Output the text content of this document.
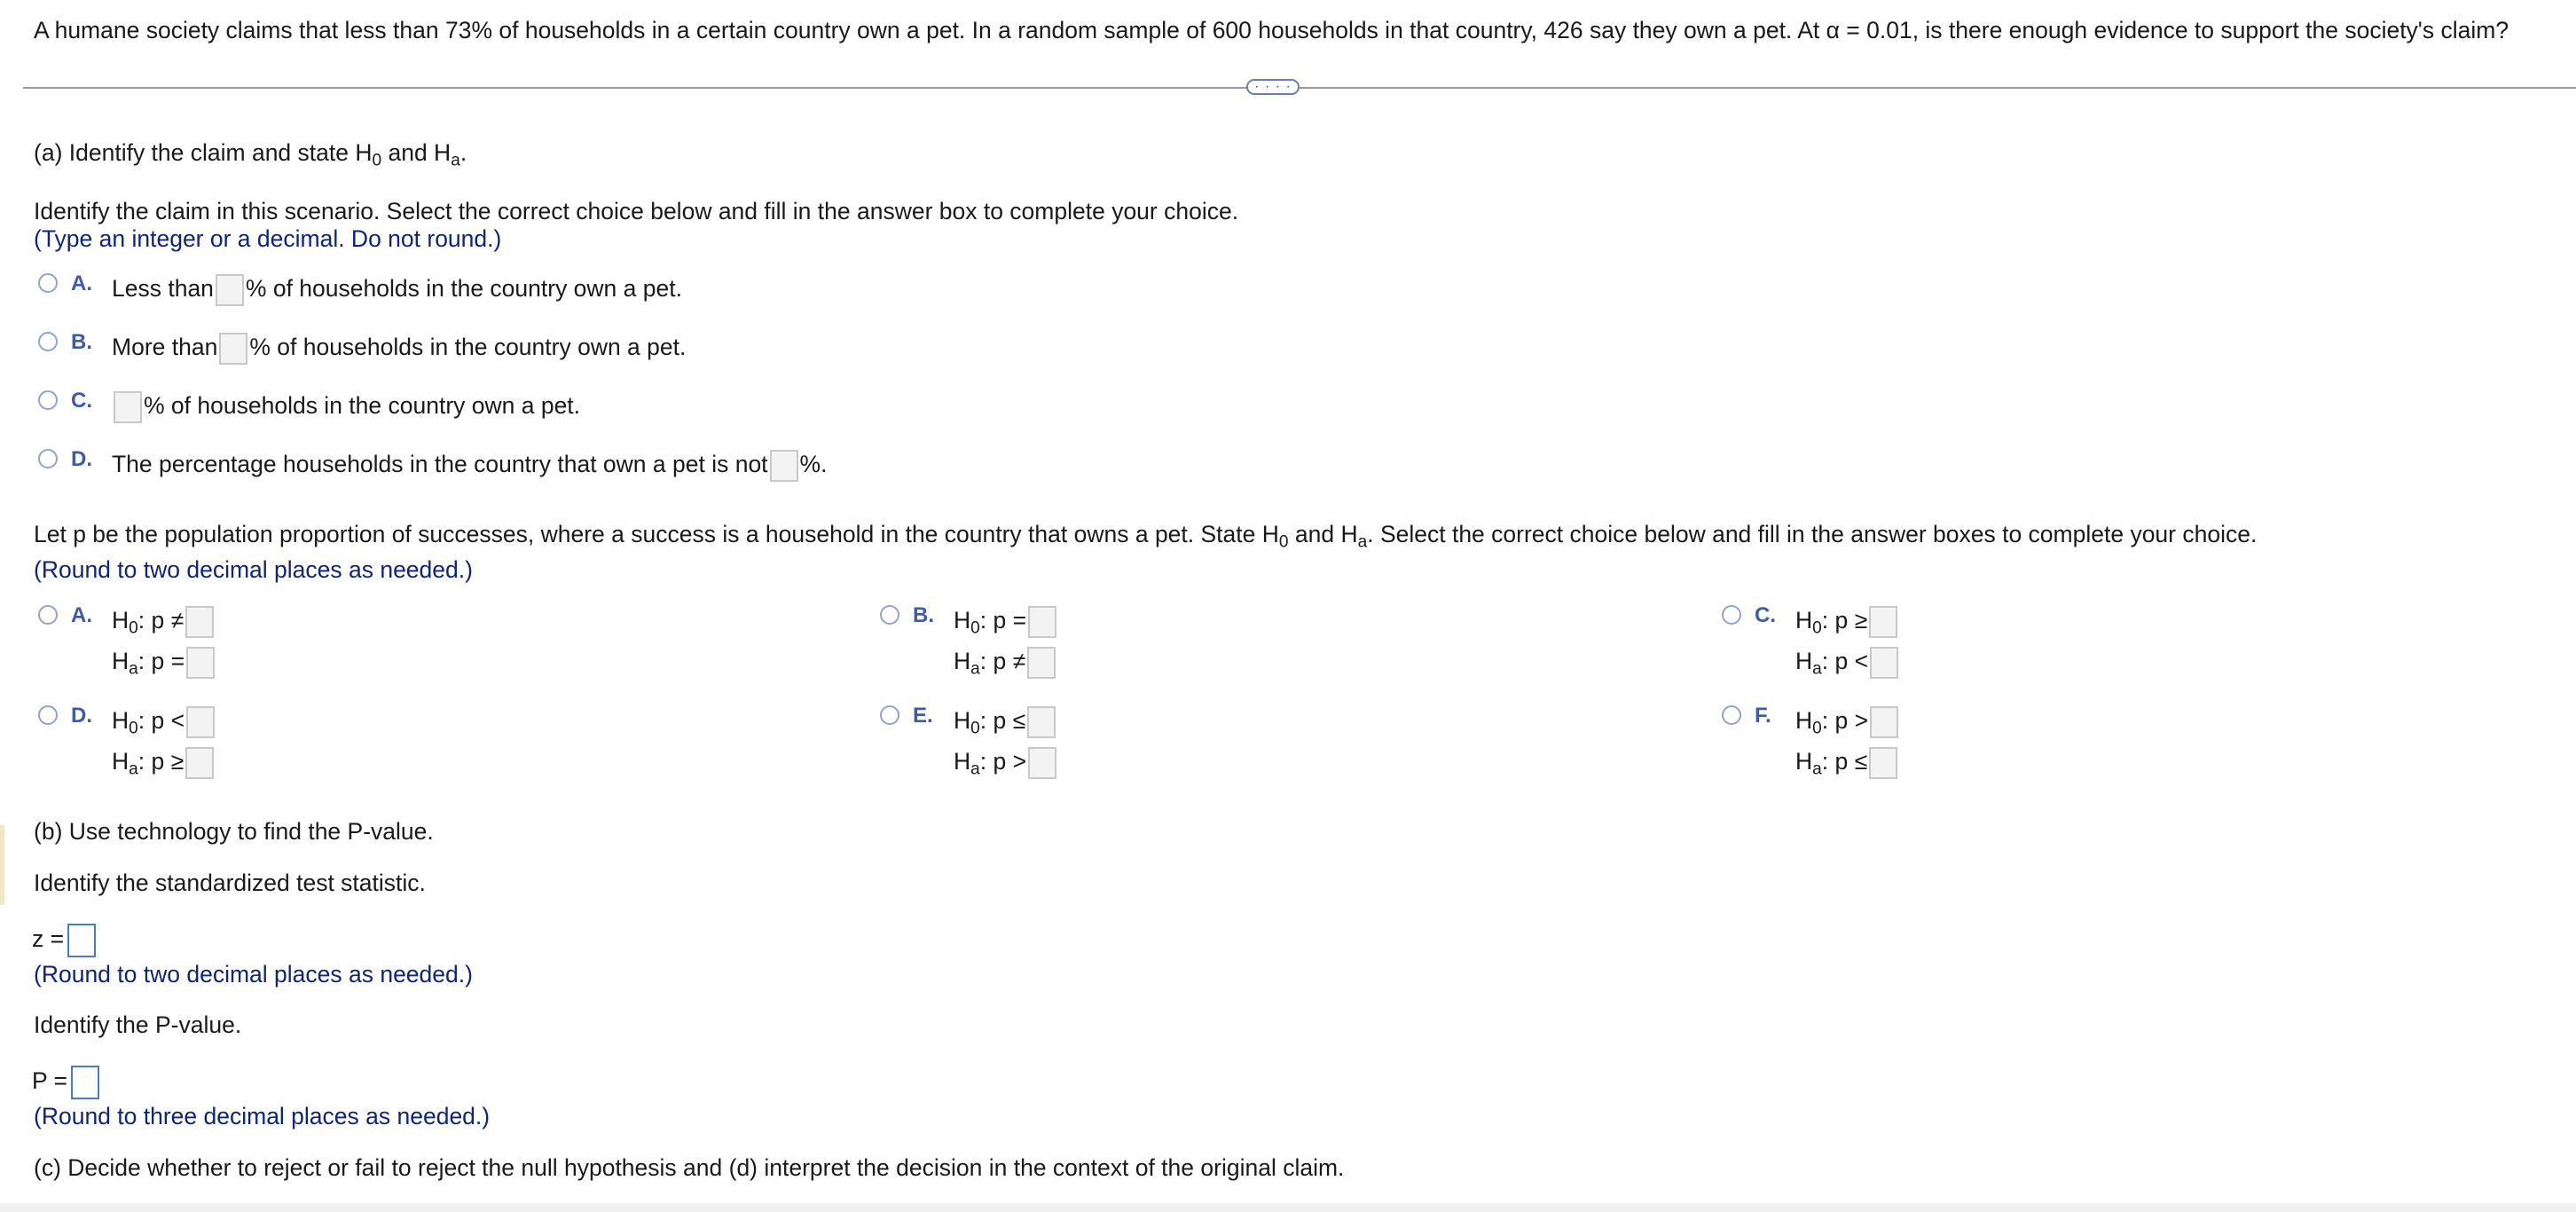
A humane society claims that less than 73% of households in a certain country own a pet. In a random sample of 600 households in that country, 426 say they own a pet. At α = 0.01, is there enough evidence to support the society's claim?
· · · ·
(a) Identify the claim and state $H_0$ and $H_a$.
Identify the claim in this scenario. Select the correct choice below and fill in the answer box to complete your choice.
(Type an integer or a decimal. Do not round.)
A. Less than % of households in the country own a pet.
B. More than % of households in the country own a pet.
C.	% of households in the country own a pet.
D. The percentage households in the country that own a pet is not %.
Let p be the population proportion of successes, where a success is a household in the country that owns a pet. State $H_0$ and $H_a$. Select the correct choice below and fill in the answer boxes to complete your choice.
(Round to two decimal places as needed.)
A. $H_0$: p ≠
$H_a$: p =
B. $H_0$: p =
$H_a$: p ≠
C. $H_0$: p ≥
$H_a$: p <
D. $H_0$: p <
$H_a$: p ≥
E. $H_0$: p ≤
$H_a$: p >
F. $H_0$: p >
$H_a$: p ≤
(b) Use technology to find the P-value.
Identify the standardized test statistic.
z =
(Round to two decimal places as needed.)
Identify the P-value.
P =
(Round to three decimal places as needed.)
(c) Decide whether to reject or fail to reject the null hypothesis and (d) interpret the decision in the context of the original claim.
